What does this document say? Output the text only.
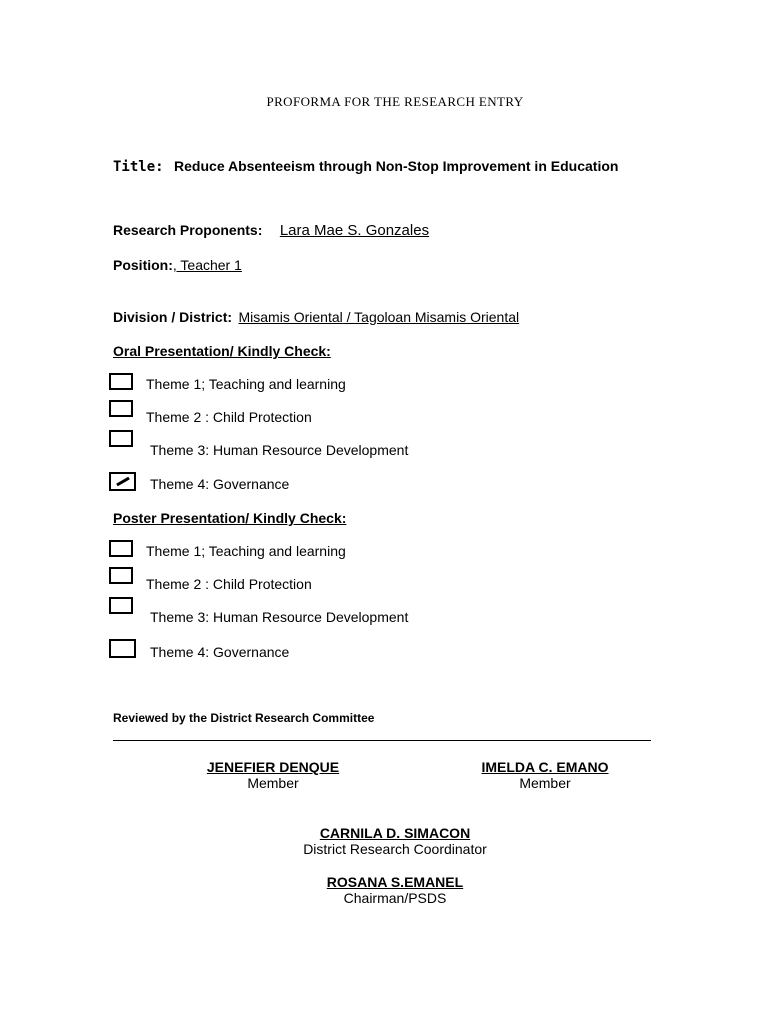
PROFORMA FOR THE RESEARCH ENTRY
Title: Reduce Absenteeism through Non-Stop Improvement in Education
Research Proponents: Lara Mae S. Gonzales
Position:, Teacher 1
Division / District: Misamis Oriental / Tagoloan Misamis Oriental
Oral Presentation/ Kindly Check:
Theme 1; Teaching and learning
Theme 2 : Child Protection
Theme 3: Human Resource Development
Theme 4: Governance
Poster Presentation/ Kindly Check:
Theme 1; Teaching and learning
Theme 2 : Child Protection
Theme 3: Human Resource Development
Theme 4: Governance
Reviewed by the District Research Committee
JENEFIER DENQUE
Member
IMELDA C. EMANO
Member
CARNILA D. SIMACON
District Research Coordinator
ROSANA S.EMANEL
Chairman/PSDS
